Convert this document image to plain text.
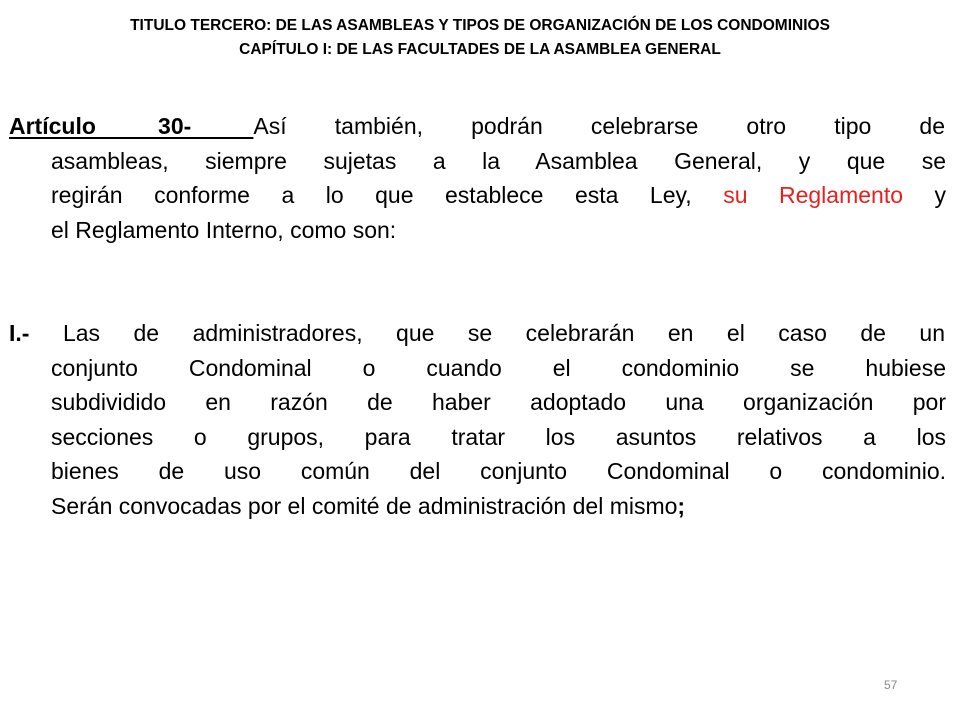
TITULO TERCERO: DE LAS ASAMBLEAS Y TIPOS DE ORGANIZACIÓN DE LOS CONDOMINIOS
CAPÍTULO I: DE LAS FACULTADES DE LA ASAMBLEA GENERAL
Artículo 30- Así también, podrán celebrarse otro tipo de
asambleas, siempre sujetas a la Asamblea General, y que se
regirán conforme a lo que establece esta Ley, su Reglamento y
el Reglamento Interno, como son:
I.- Las de administradores, que se celebrarán en el caso de un
conjunto Condominal o cuando el condominio se hubiese
subdividido en razón de haber adoptado una organización por
secciones o grupos, para tratar los asuntos relativos a los
bienes de uso común del conjunto Condominal o condominio.
Serán convocadas por el comité de administración del mismo;
57
